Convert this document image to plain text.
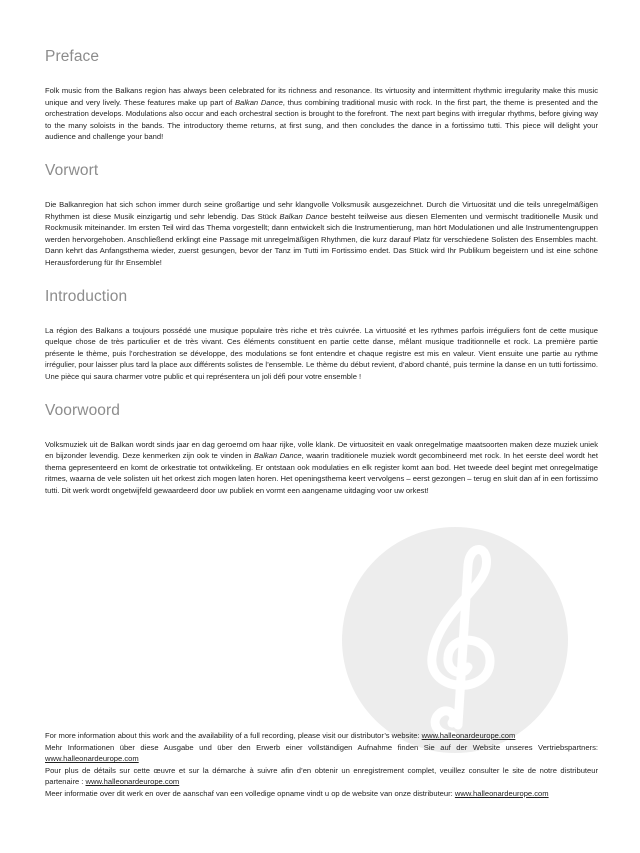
Preface

Folk music from the Balkans region has always been celebrated for its richness and resonance. Its virtuosity and intermittent rhythmic irregularity make this music unique and very lively. These features make up part of Balkan Dance, thus combining traditional music with rock. In the first part, the theme is presented and the orchestration develops. Modulations also occur and each orchestral section is brought to the forefront. The next part begins with irregular rhythms, before giving way to the many soloists in the bands. The introductory theme returns, at first sung, and then concludes the dance in a fortissimo tutti. This piece will delight your audience and challenge your band!

Vorwort

Die Balkanregion hat sich schon immer durch seine großartige und sehr klangvolle Volksmusik ausgezeichnet. Durch die Virtuosität und die teils unregelmäßigen Rhythmen ist diese Musik einzigartig und sehr lebendig. Das Stück Balkan Dance besteht teilweise aus diesen Elementen und vermischt traditionelle Musik und Rockmusik miteinander. Im ersten Teil wird das Thema vorgestellt; dann entwickelt sich die Instrumentierung, man hört Modulationen und alle Instrumentengruppen werden hervorgehoben. Anschließend erklingt eine Passage mit unregelmäßigen Rhythmen, die kurz darauf Platz für verschiedene Solisten des Ensembles macht. Dann kehrt das Anfangsthema wieder, zuerst gesungen, bevor der Tanz im Tutti im Fortissimo endet. Das Stück wird Ihr Publikum begeistern und ist eine schöne Herausforderung für Ihr Ensemble!

Introduction

La région des Balkans a toujours possédé une musique populaire très riche et très cuivrée. La virtuosité et les rythmes parfois irréguliers font de cette musique quelque chose de très particulier et de très vivant. Ces éléments constituent en partie cette danse, mêlant musique traditionnelle et rock. La première partie présente le thème, puis l’orchestration se développe, des modulations se font entendre et chaque registre est mis en valeur. Vient ensuite une partie au rythme irrégulier, pour laisser plus tard la place aux différents solistes de l’ensemble. Le thème du début revient, d’abord chanté, puis termine la danse en un tutti fortissimo. Une pièce qui saura charmer votre public et qui représentera un joli défi pour votre ensemble !

Voorwoord

Volksmuziek uit de Balkan wordt sinds jaar en dag geroemd om haar rijke, volle klank. De virtuositeit en vaak onregelmatige maatsoorten maken deze muziek uniek en bijzonder levendig. Deze kenmerken zijn ook te vinden in Balkan Dance, waarin traditionele muziek wordt gecombineerd met rock. In het eerste deel wordt het thema gepresenteerd en komt de orkestratie tot ontwikkeling. Er ontstaan ook modulaties en elk register komt aan bod. Het tweede deel begint met onregelmatige ritmes, waarna de vele solisten uit het orkest zich mogen laten horen. Het openingsthema keert vervolgens – eerst gezongen – terug en sluit dan af in een fortissimo tutti. Dit werk wordt ongetwijfeld gewaardeerd door uw publiek en vormt een aangename uitdaging voor uw orkest!

For more information about this work and the availability of a full recording, please visit our distributor’s website: www.halleonardeurope.com

Mehr Informationen über diese Ausgabe und über den Erwerb einer vollständigen Aufnahme finden Sie auf der Website unseres Vertriebspartners: www.halleonardeurope.com

Pour plus de détails sur cette œuvre et sur la démarche à suivre afin d’en obtenir un enregistrement complet, veuillez consulter le site de notre distributeur partenaire : www.halleonardeurope.com

Meer informatie over dit werk en over de aanschaf van een volledige opname vindt u op de website van onze distributeur: www.halleonardeurope.com
